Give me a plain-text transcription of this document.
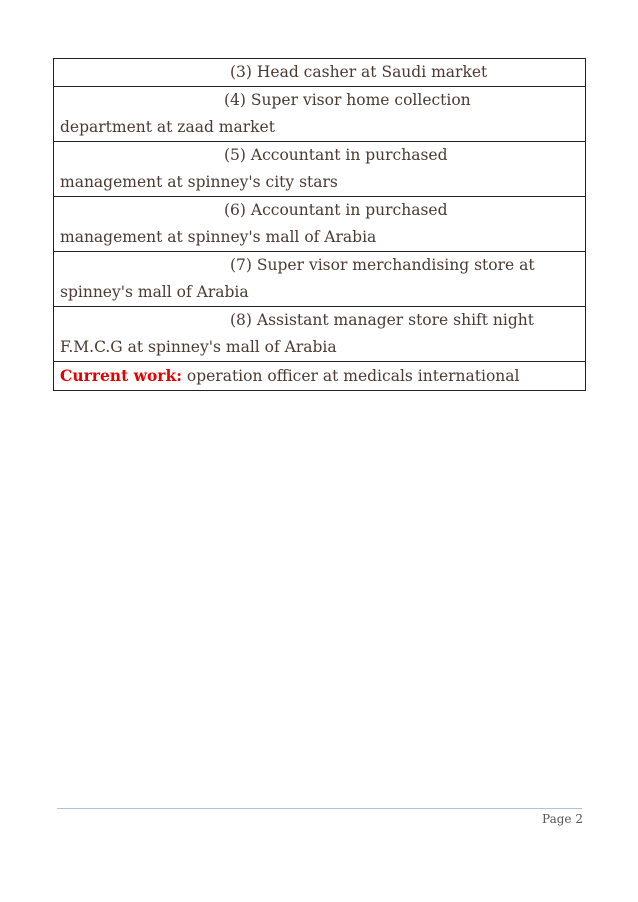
(3) Head casher at Saudi market

(4) Super visor home collection
department at zaad market

(5) Accountant in purchased
management at spinney's city stars

(6) Accountant in purchased
management at spinney's mall of Arabia

(7) Super visor merchandising store at
spinney's mall of Arabia

(8) Assistant manager store shift night
F.M.C.G at spinney's mall of Arabia

Current work: operation officer at medicals international
Page 2
